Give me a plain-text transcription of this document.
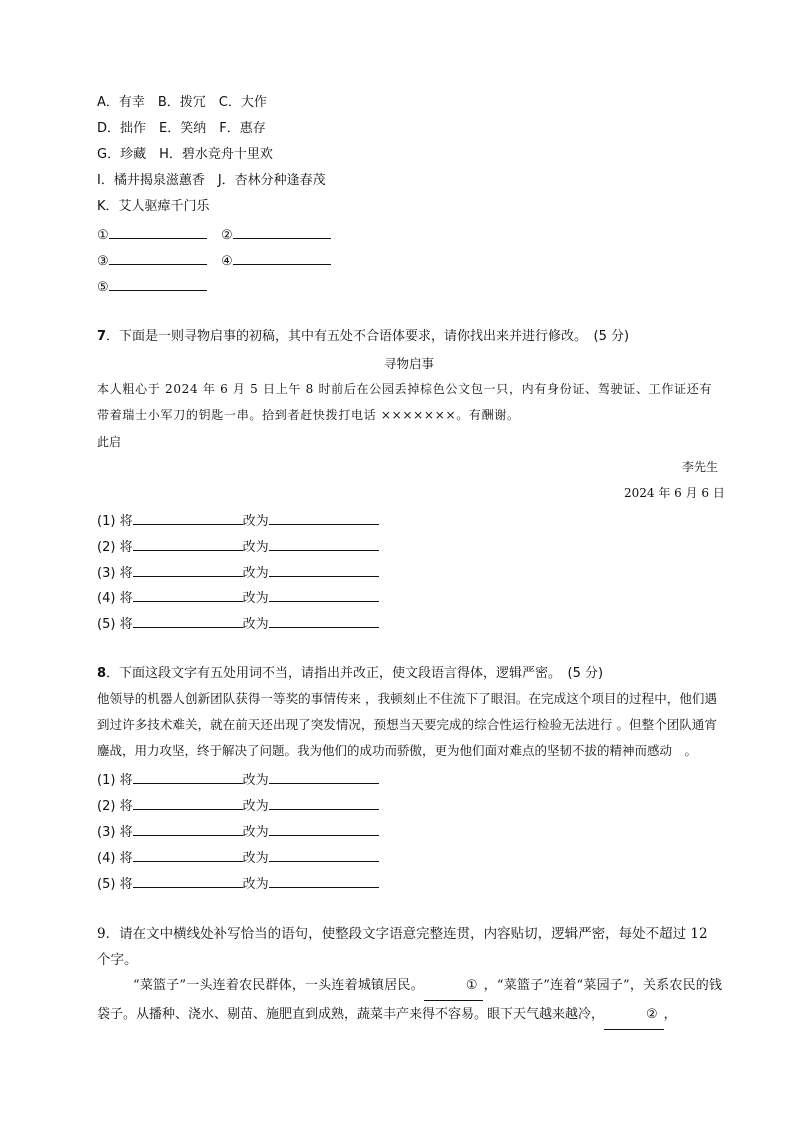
A．有幸　B．拨冗　C．大作
D．拙作　E．笑纳　F．惠存
G．珍藏　H．碧水竞舟十里欢
I．橘井揭泉滋蕙香　J．杏林分种逢春茂
K．艾人驱瘴千门乐
①	②
③	④
⑤
7．下面是一则寻物启事的初稿，其中有五处不合语体要求，请你找出来并进行修改。　(5 分)
寻物启事
本人粗心于 2024 年 6 月 5 日上午 8 时前后在公园丢掉棕色公文包一只，内有身份证、驾驶证、工作证还有
带着瑞士小军刀的钥匙一串。拾到者赶快拨打电话 ×××××××。有酬谢。
此启
李先生
2024 年 6 月 6 日
(1) 将	改为
(2) 将	改为
(3) 将	改为
(4) 将	改为
(5) 将	改为
8．下面这段文字有五处用词不当，请指出并改正，使文段语言得体，逻辑严密。　(5 分)
他领导的机器人创新团队获得一等奖的事情传来 ，我顿刻止不住流下了眼泪。在完成这个项目的过程中，他们遇到过许多技术难关，就在前天还出现了突发情况，预想当天要完成的综合性运行检验无法进行 。但整个团队通宵鏖战，用力攻坚，终于解决了问题。我为他们的成功而骄傲，更为他们面对难点的坚韧不拔的精神而感动　。
(1) 将	改为
(2) 将	改为
(3) 将	改为
(4) 将	改为
(5) 将	改为
9．请在文中横线处补写恰当的语句，使整段文字语意完整连贯，内容贴切，逻辑严密，每处不超过 12
个字。
“菜篮子”一头连着农民群体，一头连着城镇居民。	① ，“菜篮子”连着“菜园子”，关系农民的钱袋子。从播种、浇水、剔苗、施肥直到成熟，蔬菜丰产来得不容易。眼下天气越来越冷，	② ，
